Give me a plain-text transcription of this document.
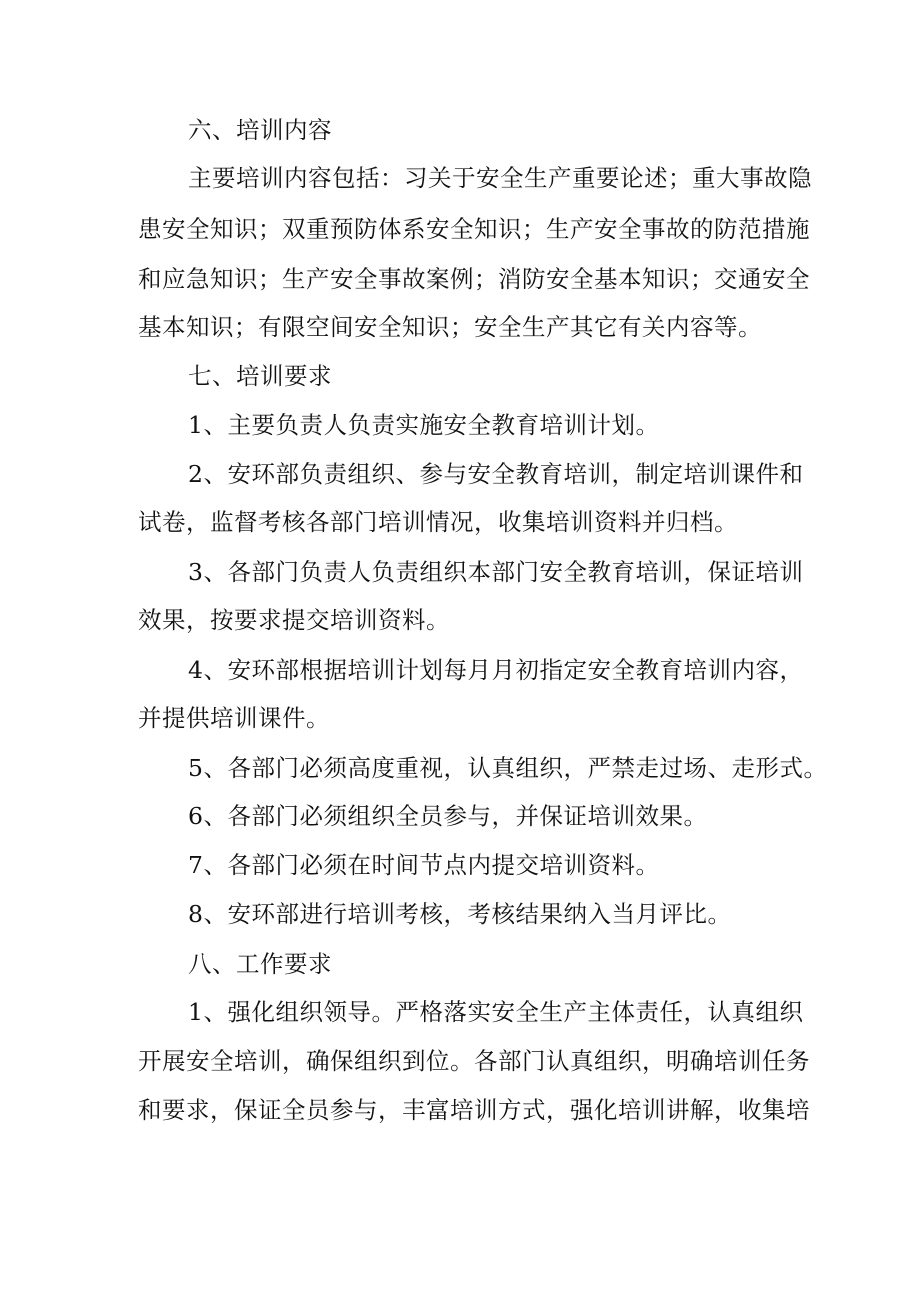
六、培训内容
主要培训内容包括：习关于安全生产重要论述；重大事故隐
患安全知识；双重预防体系安全知识；生产安全事故的防范措施
和应急知识；生产安全事故案例；消防安全基本知识；交通安全
基本知识；有限空间安全知识；安全生产其它有关内容等。
七、培训要求
1、主要负责人负责实施安全教育培训计划。
2、安环部负责组织、参与安全教育培训，制定培训课件和
试卷，监督考核各部门培训情况，收集培训资料并归档。
3、各部门负责人负责组织本部门安全教育培训，保证培训
效果，按要求提交培训资料。
4、安环部根据培训计划每月月初指定安全教育培训内容，
并提供培训课件。
5、各部门必须高度重视，认真组织，严禁走过场、走形式。
6、各部门必须组织全员参与，并保证培训效果。
7、各部门必须在时间节点内提交培训资料。
8、安环部进行培训考核，考核结果纳入当月评比。
八、工作要求
1、强化组织领导。严格落实安全生产主体责任，认真组织
开展安全培训，确保组织到位。各部门认真组织，明确培训任务
和要求，保证全员参与，丰富培训方式，强化培训讲解，收集培
